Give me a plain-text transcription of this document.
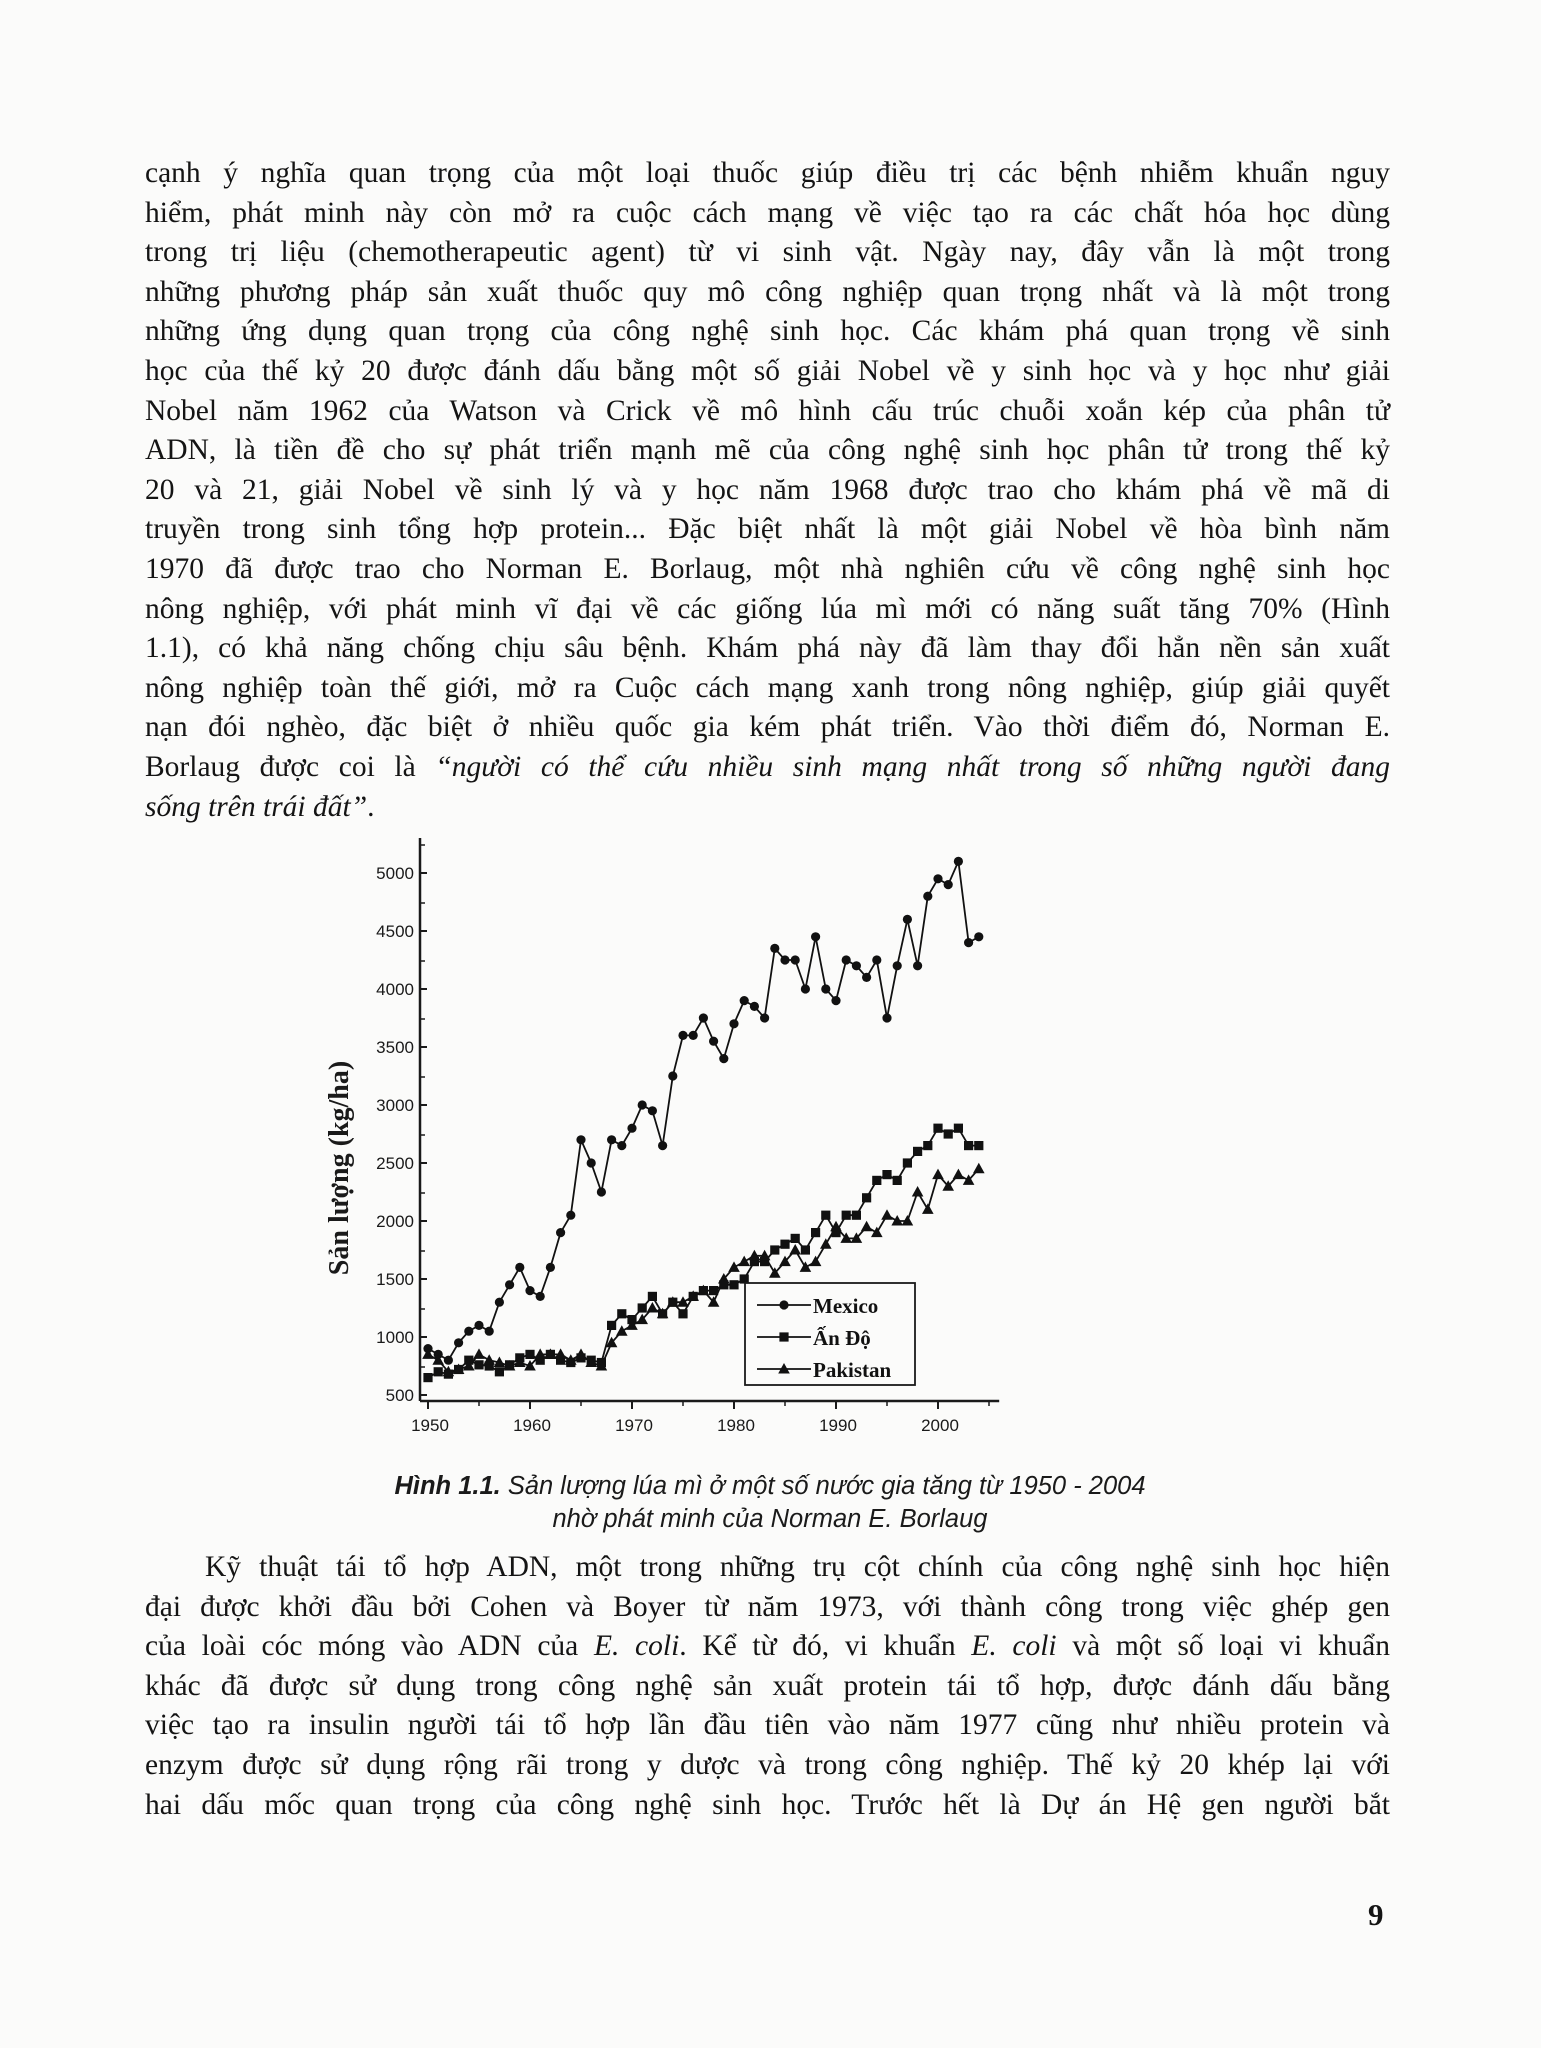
cạnh ý nghĩa quan trọng của một loại thuốc giúp điều trị các bệnh nhiễm khuẩn nguy
hiểm, phát minh này còn mở ra cuộc cách mạng về việc tạo ra các chất hóa học dùng
trong trị liệu (chemotherapeutic agent) từ vi sinh vật. Ngày nay, đây vẫn là một trong
những phương pháp sản xuất thuốc quy mô công nghiệp quan trọng nhất và là một trong
những ứng dụng quan trọng của công nghệ sinh học. Các khám phá quan trọng về sinh
học của thế kỷ 20 được đánh dấu bằng một số giải Nobel về y sinh học và y học như giải
Nobel năm 1962 của Watson và Crick về mô hình cấu trúc chuỗi xoắn kép của phân tử
ADN, là tiền đề cho sự phát triển mạnh mẽ của công nghệ sinh học phân tử trong thế kỷ
20 và 21, giải Nobel về sinh lý và y học năm 1968 được trao cho khám phá về mã di
truyền trong sinh tổng hợp protein... Đặc biệt nhất là một giải Nobel về hòa bình năm
1970 đã được trao cho Norman E. Borlaug, một nhà nghiên cứu về công nghệ sinh học
nông nghiệp, với phát minh vĩ đại về các giống lúa mì mới có năng suất tăng 70% (Hình
1.1), có khả năng chống chịu sâu bệnh. Khám phá này đã làm thay đổi hẳn nền sản xuất
nông nghiệp toàn thế giới, mở ra Cuộc cách mạng xanh trong nông nghiệp, giúp giải quyết
nạn đói nghèo, đặc biệt ở nhiều quốc gia kém phát triển. Vào thời điểm đó, Norman E.
Borlaug được coi là “người có thể cứu nhiều sinh mạng nhất trong số những người đang
sống trên trái đất”.
500
1000
1500
2000
2500
3000
3500
4000
4500
5000
1950	1960	1970	1980	1990	2000
Sản lượng (kg/ha)
Mexico
Ấn Độ
Pakistan
Hình 1.1. Sản lượng lúa mì ở một số nước gia tăng từ 1950 - 2004
nhờ phát minh của Norman E. Borlaug
Kỹ thuật tái tổ hợp ADN, một trong những trụ cột chính của công nghệ sinh học hiện
đại được khởi đầu bởi Cohen và Boyer từ năm 1973, với thành công trong việc ghép gen
của loài cóc móng vào ADN của E. coli. Kể từ đó, vi khuẩn E. coli và một số loại vi khuẩn
khác đã được sử dụng trong công nghệ sản xuất protein tái tổ hợp, được đánh dấu bằng
việc tạo ra insulin người tái tổ hợp lần đầu tiên vào năm 1977 cũng như nhiều protein và
enzym được sử dụng rộng rãi trong y dược và trong công nghiệp. Thế kỷ 20 khép lại với
hai dấu mốc quan trọng của công nghệ sinh học. Trước hết là Dự án Hệ gen người bắt
9
